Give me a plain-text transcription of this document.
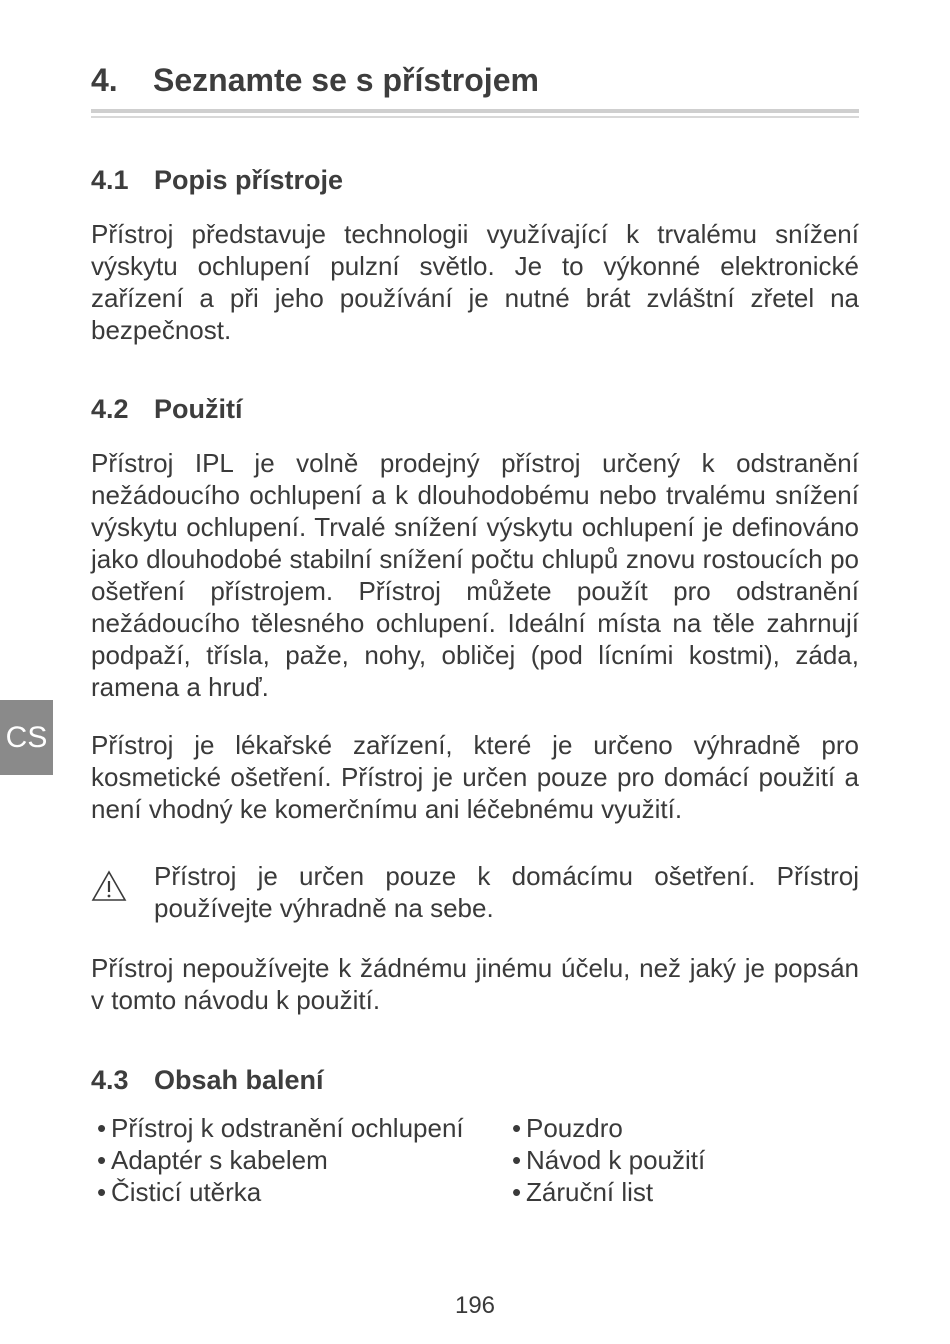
4. Seznamte se s přístrojem
4.1 Popis přístroje

Přístroj představuje technologii využívající k trvalému snížení výskytu ochlupení pulzní světlo. Je to výkonné elektronické zařízení a při jeho používání je nutné brát zvláštní zřetel na bezpečnost.

4.2 Použití

Přístroj IPL je volně prodejný přístroj určený k odstranění nežádoucího ochlupení a k dlouhodobému nebo trvalému snížení výskytu ochlupení. Trvalé snížení výskytu ochlupení je definováno jako dlouhodobé stabilní snížení počtu chlupů znovu rostoucích po ošetření přístrojem. Přístroj můžete použít pro odstranění nežádoucího tělesného ochlupení. Ideální místa na těle zahrnují podpaží, třísla, paže, nohy, obličej (pod lícními kostmi), záda, ramena a hruď.

Přístroj je lékařské zařízení, které je určeno výhradně pro kosmetické ošetření. Přístroj je určen pouze pro domácí použití a není vhodný ke komerčnímu ani léčebnému využití.

Přístroj je určen pouze k domácímu ošetření. Přístroj používejte výhradně na sebe.

Přístroj nepoužívejte k žádnému jinému účelu, než jaký je popsán v tomto návodu k použití.

4.3 Obsah balení
• Přístroj k odstranění ochlupení
• Adaptér s kabelem
• Čisticí utěrka
• Pouzdro
• Návod k použití
• Záruční list
CS
196
